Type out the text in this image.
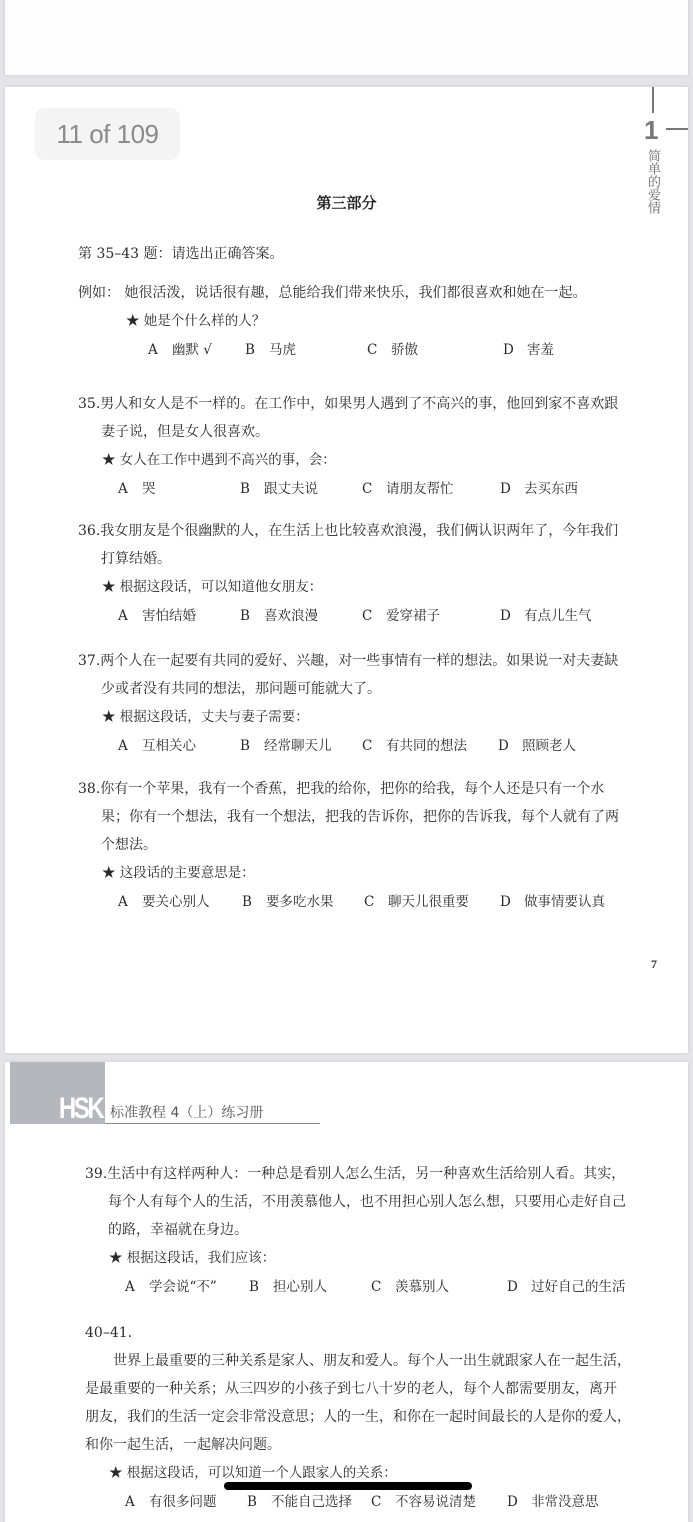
11 of 109	1
简单的爱情
第三部分
第 35–43 题：请选出正确答案。
例如： 她很活泼，说话很有趣，总能给我们带来快乐，我们都很喜欢和她在一起。
★ 她是个什么样的人？
A	幽默 √ B	马虎	C	骄傲	D 害羞
35.男人和女人是不一样的。在工作中，如果男人遇到了不高兴的事，他回到家不喜欢跟
妻子说，但是女人很喜欢。
★ 女人在工作中遇到不高兴的事，会：
A	哭	B	跟丈夫说	C	请朋友帮忙	D 去买东西
36.我女朋友是个很幽默的人，在生活上也比较喜欢浪漫，我们俩认识两年了，今年我们
打算结婚。
★ 根据这段话，可以知道他女朋友：
A	害怕结婚	B	喜欢浪漫	C	爱穿裙子	D 有点儿生气
37.两个人在一起要有共同的爱好、兴趣，对一些事情有一样的想法。如果说一对夫妻缺
少或者没有共同的想法，那问题可能就大了。
★ 根据这段话，丈夫与妻子需要：
A	互相关心	B	经常聊天儿 C	有共同的想法 D 照顾老人
38.你有一个苹果，我有一个香蕉，把我的给你，把你的给我，每个人还是只有一个水
果；你有一个想法，我有一个想法，把我的告诉你，把你的告诉我，每个人就有了两
个想法。
★ 这段话的主要意思是：
A	要关心别人 B	要多吃水果 C	聊天儿很重要 D 做事情要认真
7
HSK 标准教程 4（上）练习册
39.生活中有这样两种人：一种总是看别人怎么生活，另一种喜欢生活给别人看。其实，
每个人有每个人的生活，不用羡慕他人，也不用担心别人怎么想，只要用心走好自己
的路，幸福就在身边。
★ 根据这段话，我们应该：
A	学会说“不” B	担心别人	C	羡慕别人	D 过好自己的生活
40–41.
世界上最重要的三种关系是家人、朋友和爱人。每个人一出生就跟家人在一起生活，
是最重要的一种关系；从三四岁的小孩子到七八十岁的老人，每个人都需要朋友，离开
朋友，我们的生活一定会非常没意思；人的一生，和你在一起时间最长的人是你的爱人，
和你一起生活，一起解决问题。
★ 根据这段话，可以知道一个人跟家人的关系：
A	有很多问题 B	不能自己选择 C	不容易说清楚 D 非常没意思
